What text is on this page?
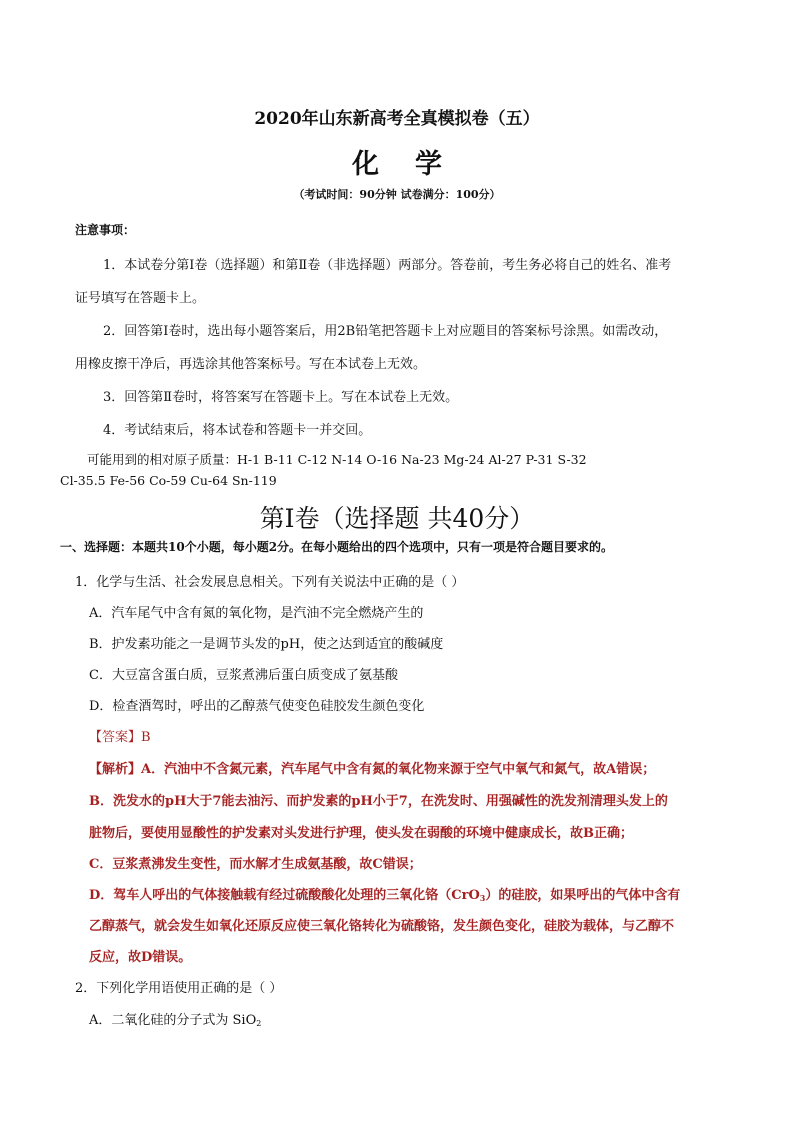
2020年山东新高考全真模拟卷（五）
化学
（考试时间：90分钟 试卷满分：100分）
注意事项：
1．本试卷分第Ⅰ卷（选择题）和第Ⅱ卷（非选择题）两部分。答卷前，考生务必将自己的姓名、准考
证号填写在答题卡上。
2．回答第Ⅰ卷时，选出每小题答案后，用2B铅笔把答题卡上对应题目的答案标号涂黑。如需改动，
用橡皮擦干净后，再选涂其他答案标号。写在本试卷上无效。
3．回答第Ⅱ卷时，将答案写在答题卡上。写在本试卷上无效。
4．考试结束后，将本试卷和答题卡一并交回。
可能用到的相对原子质量：H-1 B-11 C-12 N-14 O-16 Na-23 Mg-24 Al-27 P-31 S-32
Cl-35.5 Fe-56 Co-59 Cu-64 Sn-119
第Ⅰ卷（选择题 共40分）
一、选择题：本题共10个小题，每小题2分。在每小题给出的四个选项中，只有一项是符合题目要求的。
1．化学与生活、社会发展息息相关。下列有关说法中正确的是（ ）
A．汽车尾气中含有氮的氧化物，是汽油不完全燃烧产生的
B．护发素功能之一是调节头发的pH，使之达到适宜的酸碱度
C．大豆富含蛋白质，豆浆煮沸后蛋白质变成了氨基酸
D．检查酒驾时，呼出的乙醇蒸气使变色硅胶发生颜色变化
【答案】B
【解析】A．汽油中不含氮元素，汽车尾气中含有氮的氧化物来源于空气中氧气和氮气，故A错误；
B．洗发水的pH大于7能去油污、而护发素的pH小于7，在洗发时、用强碱性的洗发剂清理头发上的
脏物后，要使用显酸性的护发素对头发进行护理，使头发在弱酸的环境中健康成长，故B正确；
C．豆浆煮沸发生变性，而水解才生成氨基酸，故C错误；
D．驾车人呼出的气体接触载有经过硫酸酸化处理的三氧化铬（CrO$_3$）的硅胶，如果呼出的气体中含有
乙醇蒸气，就会发生如氧化还原反应使三氧化铬转化为硫酸铬，发生颜色变化，硅胶为载体，与乙醇不
反应，故D错误。
2．下列化学用语使用正确的是（ ）
A．二氧化硅的分子式为 SiO$_2$
